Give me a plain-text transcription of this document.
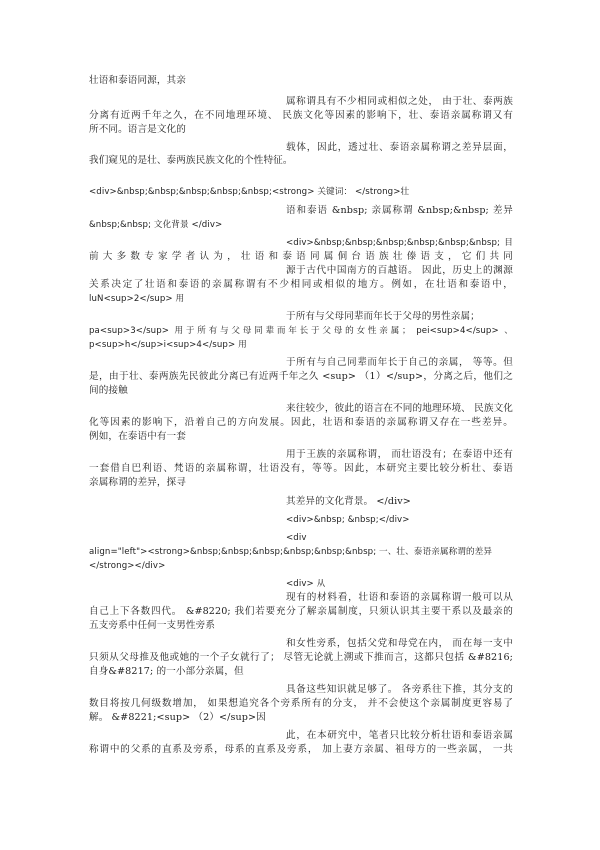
壮语和泰语同源，其亲
属称谓具有不少相同或相似之处， 由于壮、泰两族
分离有近两千年之久，在不同地理环境、 民族文化等因素的影响下，壮、泰语亲属称谓又有
所不同。语言是文化的
载体，因此，透过壮、泰语亲属称谓之差异层面，
我们窥见的是壮、泰两族民族文化的个性特征。
<div>&nbsp;&nbsp;&nbsp;&nbsp;&nbsp;<strong> 关键词： </strong>壮
语和泰语 &nbsp; 亲属称谓 &nbsp;&nbsp; 差异
&nbsp;&nbsp; 文化背景 </div>
<div>&nbsp;&nbsp;&nbsp;&nbsp;&nbsp;&nbsp; 目
前大多数专家学者认为，壮语和泰语同属侗台语族壮傣语支，它们共同
源于古代中国南方的百越语。 因此，历史上的渊源
关系决定了壮语和泰语的亲属称谓有不少相同或相似的地方。例如，在壮语和泰语中，
luN<sup>2</sup> 用
于所有与父母同辈而年长于父母的男性亲属；
pa<sup>3</sup> 用于所有与父母同辈而年长于父母的女性亲属； pei<sup>4</sup> 、
p<sup>h</sup>i<sup>4</sup> 用
于所有与自己同辈而年长于自己的亲属， 等等。但
是，由于壮、泰两族先民彼此分离已有近两千年之久 <sup> （1）</sup>，分离之后，他们之
间的接触
来往较少，彼此的语言在不同的地理环境、 民族文化
化等因素的影响下，沿着自己的方向发展。因此，壮语和泰语的亲属称谓又存在一些差异。
例如，在泰语中有一套
用于王族的亲属称谓， 而壮语没有；在泰语中还有
一套借自巴利语、梵语的亲属称谓，壮语没有，等等。因此，本研究主要比较分析壮、泰语
亲属称谓的差异，探寻
其差异的文化背景。 </div>
<div>&nbsp; &nbsp;</div>
<div
align="left"><strong>&nbsp;&nbsp;&nbsp;&nbsp;&nbsp;&nbsp; 一、壮、泰语亲属称谓的差异
</strong></div>
<div> 从
现有的材料看，壮语和泰语的亲属称谓一般可以从
自己上下各数四代。 &#8220; 我们若要充分了解亲属制度，只须认识其主要干系以及最亲的
五支旁系中任何一支男性旁系
和女性旁系，包括父党和母党在内， 而在每一支中
只须从父母推及他或她的一个子女就行了； 尽管无论就上溯或下推而言，这都只包括 &#8216;
自身&#8217; 的一小部分亲属，但
具备这些知识就足够了。 各旁系往下推，其分支的
数目将按几何级数增加， 如果想追究各个旁系所有的分支， 并不会使这个亲属制度更容易了
解。 &#8221;<sup> （2）</sup>因
此，在本研究中，笔者只比较分析壮语和泰语亲属
称谓中的父系的直系及旁系，母系的直系及旁系， 加上妻方亲属、祖母方的一些亲属， 一共
